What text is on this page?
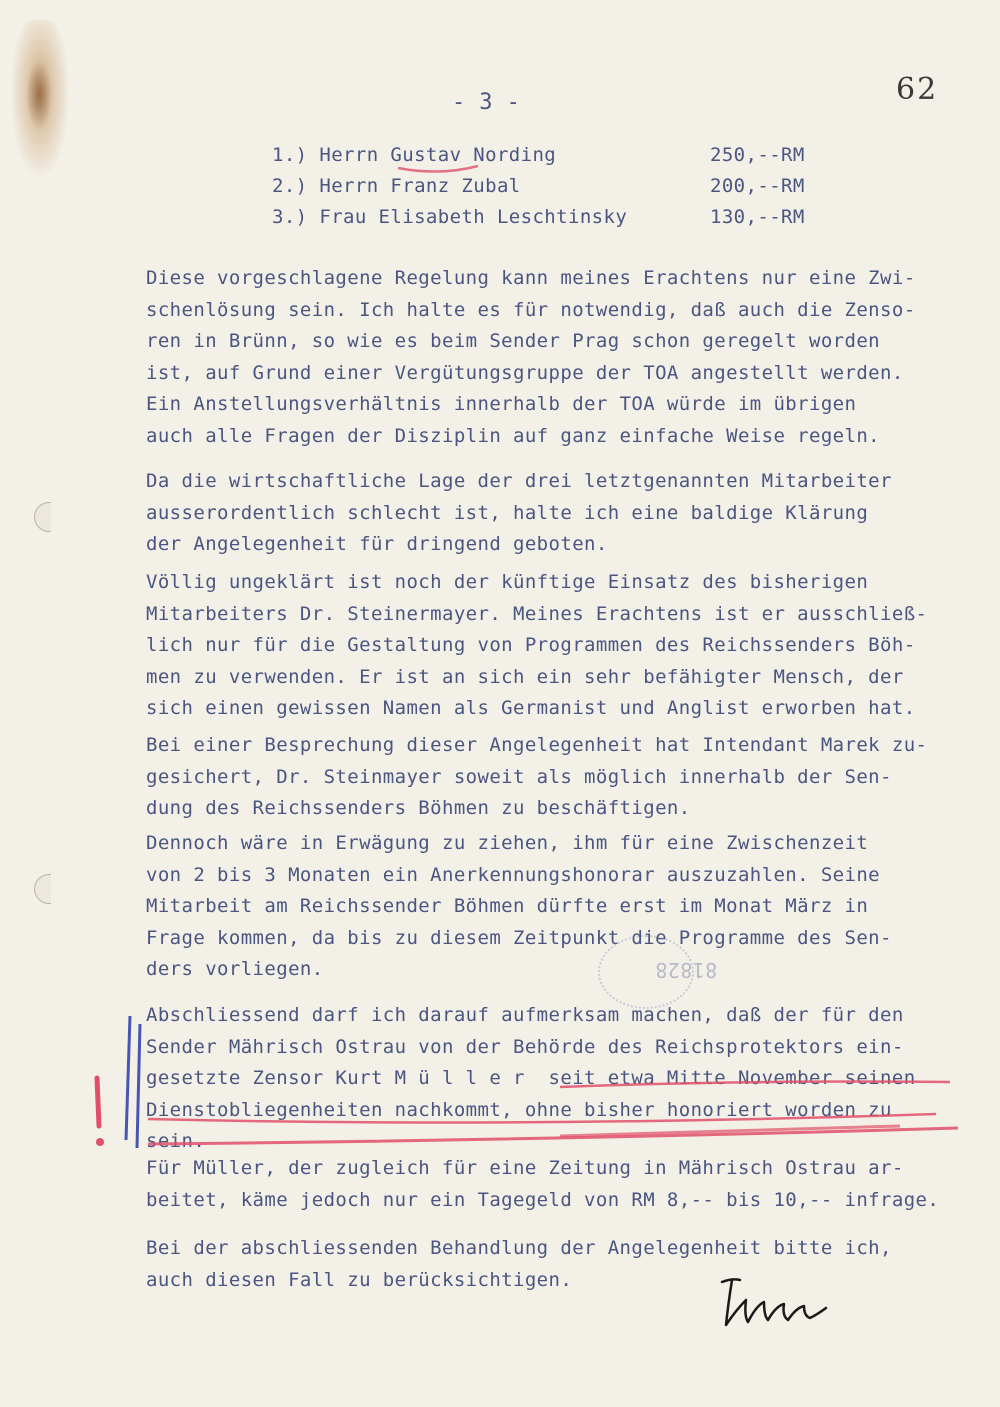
- 3 -	62
1.) Herrn Gustav Nording	250,--RM
2.) Herrn Franz Zubal	200,--RM
3.) Frau Elisabeth Leschtinsky	130,--RM
Diese vorgeschlagene Regelung kann meines Erachtens nur eine Zwi-
schenlösung sein. Ich halte es für notwendig, daß auch die Zenso-
ren in Brünn, so wie es beim Sender Prag schon geregelt worden
ist, auf Grund einer Vergütungsgruppe der TOA angestellt werden.
Ein Anstellungsverhältnis innerhalb der TOA würde im übrigen
auch alle Fragen der Disziplin auf ganz einfache Weise regeln.
Da die wirtschaftliche Lage der drei letztgenannten Mitarbeiter
ausserordentlich schlecht ist, halte ich eine baldige Klärung
der Angelegenheit für dringend geboten.
Völlig ungeklärt ist noch der künftige Einsatz des bisherigen
Mitarbeiters Dr. Steinermayer. Meines Erachtens ist er ausschließ-
lich nur für die Gestaltung von Programmen des Reichssenders Böh-
men zu verwenden. Er ist an sich ein sehr befähigter Mensch, der
sich einen gewissen Namen als Germanist und Anglist erworben hat.
Bei einer Besprechung dieser Angelegenheit hat Intendant Marek zu-
gesichert, Dr. Steinmayer soweit als möglich innerhalb der Sen-
dung des Reichssenders Böhmen zu beschäftigen.
Dennoch wäre in Erwägung zu ziehen, ihm für eine Zwischenzeit
von 2 bis 3 Monaten ein Anerkennungshonorar auszuzahlen. Seine
Mitarbeit am Reichssender Böhmen dürfte erst im Monat März in
Frage kommen, da bis zu diesem Zeitpunkt die Programme des Sen-
ders vorliegen.
Abschliessend darf ich darauf aufmerksam machen, daß der für den
Sender Mährisch Ostrau von der Behörde des Reichsprotektors ein-
gesetzte Zensor Kurt M ü l l e r  seit etwa Mitte November seinen
Dienstobliegenheiten nachkommt, ohne bisher honoriert worden zu
sein.
Für Müller, der zugleich für eine Zeitung in Mährisch Ostrau ar-
beitet, käme jedoch nur ein Tagegeld von RM 8,-- bis 10,-- infrage.
Bei der abschliessenden Behandlung der Angelegenheit bitte ich,
auch diesen Fall zu berücksichtigen.
81828
